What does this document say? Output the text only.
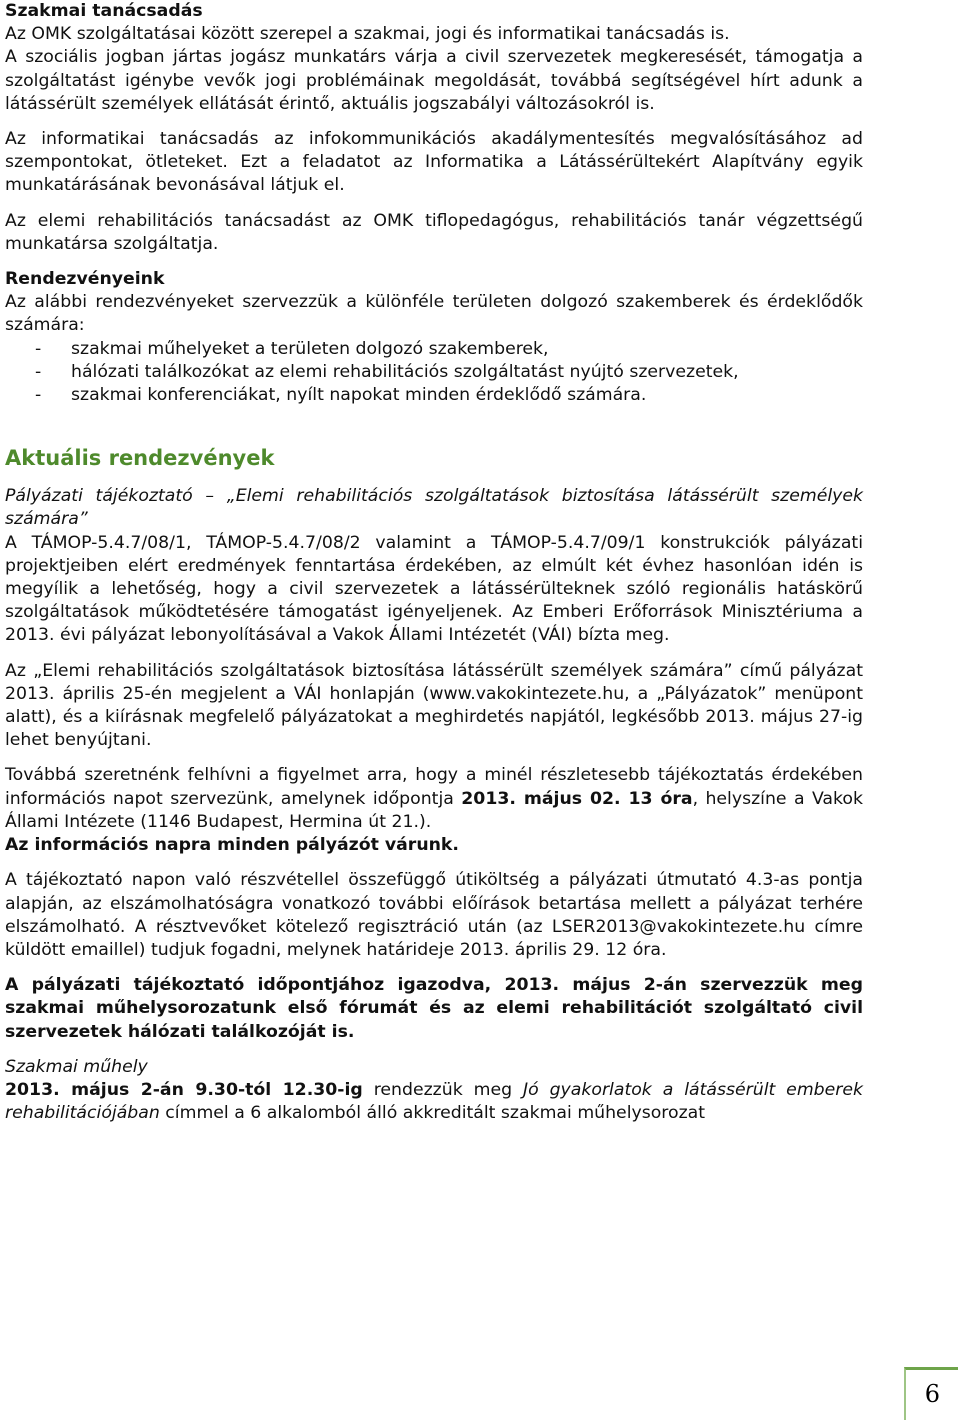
Szakmai tanácsadás

Az OMK szolgáltatásai között szerepel a szakmai, jogi és informatikai tanácsadás is.

A szociális jogban jártas jogász munkatárs várja a civil szervezetek megkeresését, támogatja a szolgáltatást igénybe vevők jogi problémáinak megoldását, továbbá segítségével hírt adunk a látássérült személyek ellátását érintő, aktuális jogszabályi változásokról is.

Az informatikai tanácsadás az infokommunikációs akadálymentesítés megvalósításához ad szempontokat, ötleteket. Ezt a feladatot az Informatika a Látássérültekért Alapítvány egyik munkatárásának bevonásával látjuk el.

Az elemi rehabilitációs tanácsadást az OMK tiflopedagógus, rehabilitációs tanár végzettségű munkatársa szolgáltatja.

Rendezvényeink

Az alábbi rendezvényeket szervezzük a különféle területen dolgozó szakemberek és érdeklődők számára:

- szakmai műhelyeket a területen dolgozó szakemberek,
- hálózati találkozókat az elemi rehabilitációs szolgáltatást nyújtó szervezetek,
- szakmai konferenciákat, nyílt napokat minden érdeklődő számára.
Aktuális rendezvények

Pályázati tájékoztató – „Elemi rehabilitációs szolgáltatások biztosítása látássérült személyek számára”

A TÁMOP-5.4.7/08/1, TÁMOP-5.4.7/08/2 valamint a TÁMOP-5.4.7/09/1 konstrukciók pályázati projektjeiben elért eredmények fenntartása érdekében, az elmúlt két évhez hasonlóan idén is megyílik a lehetőség, hogy a civil szervezetek a látássérülteknek szóló regionális hatáskörű szolgáltatások működtetésére támogatást igényeljenek. Az Emberi Erőforrások Minisztériuma a 2013. évi pályázat lebonyolításával a Vakok Állami Intézetét (VÁI) bízta meg.

Az „Elemi rehabilitációs szolgáltatások biztosítása látássérült személyek számára” című pályázat 2013. április 25-én megjelent a VÁI honlapján (www.vakokintezete.hu, a „Pályázatok” menüpont alatt), és a kiírásnak megfelelő pályázatokat a meghirdetés napjától, legkésőbb 2013. május 27-ig lehet benyújtani.

Továbbá szeretnénk felhívni a figyelmet arra, hogy a minél részletesebb tájékoztatás érdekében információs napot szervezünk, amelynek időpontja 2013. május 02. 13 óra, helyszíne a Vakok Állami Intézete (1146 Budapest, Hermina út 21.).

Az információs napra minden pályázót várunk.

A tájékoztató napon való részvétellel összefüggő útiköltség a pályázati útmutató 4.3-as pontja alapján, az elszámolhatóságra vonatkozó további előírások betartása mellett a pályázat terhére elszámolható. A résztvevőket kötelező regisztráció után (az LSER2013@vakokintezete.hu címre küldött emaillel) tudjuk fogadni, melynek határideje 2013. április 29. 12 óra.

A pályázati tájékoztató időpontjához igazodva, 2013. május 2-án szervezzük meg szakmai műhelysorozatunk első fórumát és az elemi rehabilitációt szolgáltató civil szervezetek hálózati találkozóját is.

Szakmai műhely

2013. május 2-án 9.30-tól 12.30-ig rendezzük meg Jó gyakorlatok a látássérült emberek rehabilitációjában címmel a 6 alkalomból álló akkreditált szakmai műhelysorozat

6
